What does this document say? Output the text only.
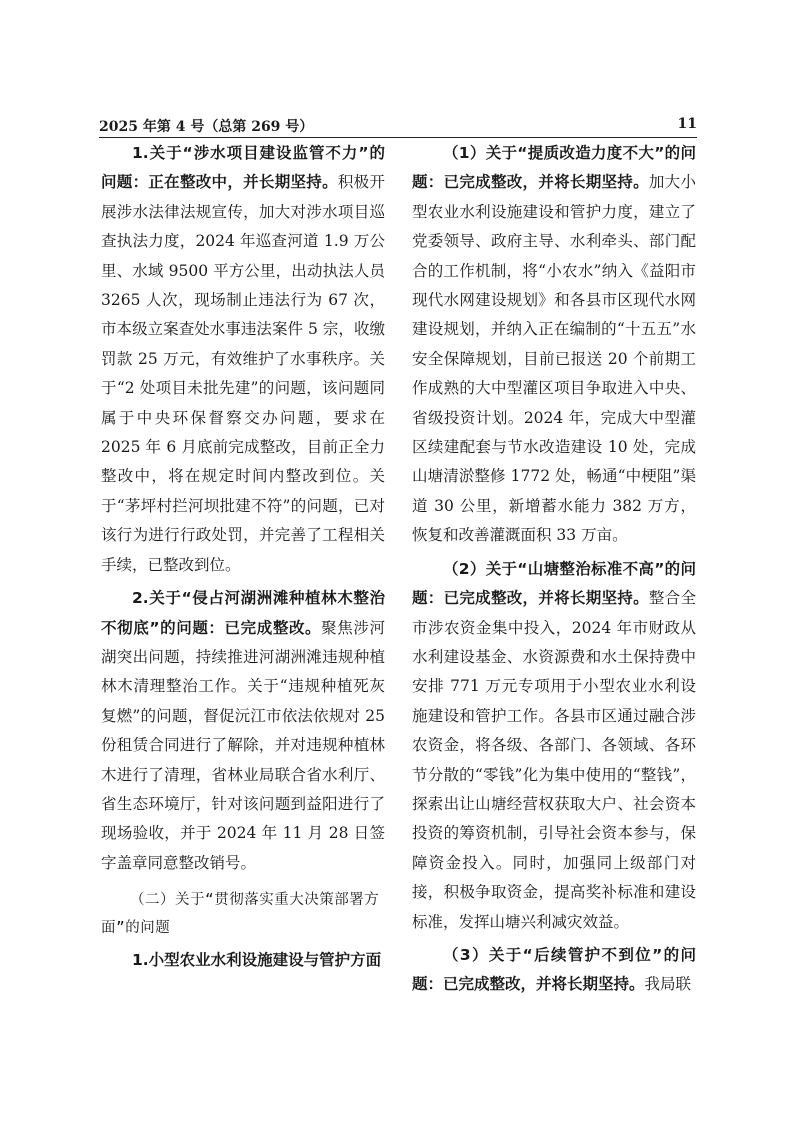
2025 年第 4 号（总第 269 号）	11

1.关于“涉水项目建设监管不力”的问题：正在整改中，并长期坚持。积极开展涉水法律法规宣传，加大对涉水项目巡查执法力度，2024 年巡查河道 1.9 万公里、水域 9500 平方公里，出动执法人员 3265 人次，现场制止违法行为 67 次，市本级立案查处水事违法案件 5 宗，收缴罚款 25 万元，有效维护了水事秩序。关于“2 处项目未批先建”的问题，该问题同属于中央环保督察交办问题，要求在 2025 年 6 月底前完成整改，目前正全力整改中，将在规定时间内整改到位。关于“茅坪村拦河坝批建不符”的问题，已对该行为进行行政处罚，并完善了工程相关手续，已整改到位。

2.关于“侵占河湖洲滩种植林木整治不彻底”的问题：已完成整改。聚焦涉河湖突出问题，持续推进河湖洲滩违规种植林木清理整治工作。关于“违规种植死灰复燃”的问题，督促沅江市依法依规对 25 份租赁合同进行了解除，并对违规种植林木进行了清理，省林业局联合省水利厅、省生态环境厅，针对该问题到益阳进行了现场验收，并于 2024 年 11 月 28 日签字盖章同意整改销号。

（二）关于“贯彻落实重大决策部署方面”的问题

1.小型农业水利设施建设与管护方面

（1）关于“提质改造力度不大”的问题：已完成整改，并将长期坚持。加大小型农业水利设施建设和管护力度，建立了党委领导、政府主导、水利牵头、部门配合的工作机制，将“小农水”纳入《益阳市现代水网建设规划》和各县市区现代水网建设规划，并纳入正在编制的“十五五”水安全保障规划，目前已报送 20 个前期工作成熟的大中型灌区项目争取进入中央、省级投资计划。2024 年，完成大中型灌区续建配套与节水改造建设 10 处，完成山塘清淤整修 1772 处，畅通“中梗阻”渠道 30 公里，新增蓄水能力 382 万方，恢复和改善灌溉面积 33 万亩。

（2）关于“山塘整治标准不高”的问题：已完成整改，并将长期坚持。整合全市涉农资金集中投入，2024 年市财政从水利建设基金、水资源费和水土保持费中安排 771 万元专项用于小型农业水利设施建设和管护工作。各县市区通过融合涉农资金，将各级、各部门、各领域、各环节分散的“零钱”化为集中使用的“整钱”，探索出让山塘经营权获取大户、社会资本投资的筹资机制，引导社会资本参与，保障资金投入。同时，加强同上级部门对接，积极争取资金，提高奖补标准和建设标准，发挥山塘兴利减灾效益。

（3）关于“后续管护不到位”的问题：已完成整改，并将长期坚持。我局联
